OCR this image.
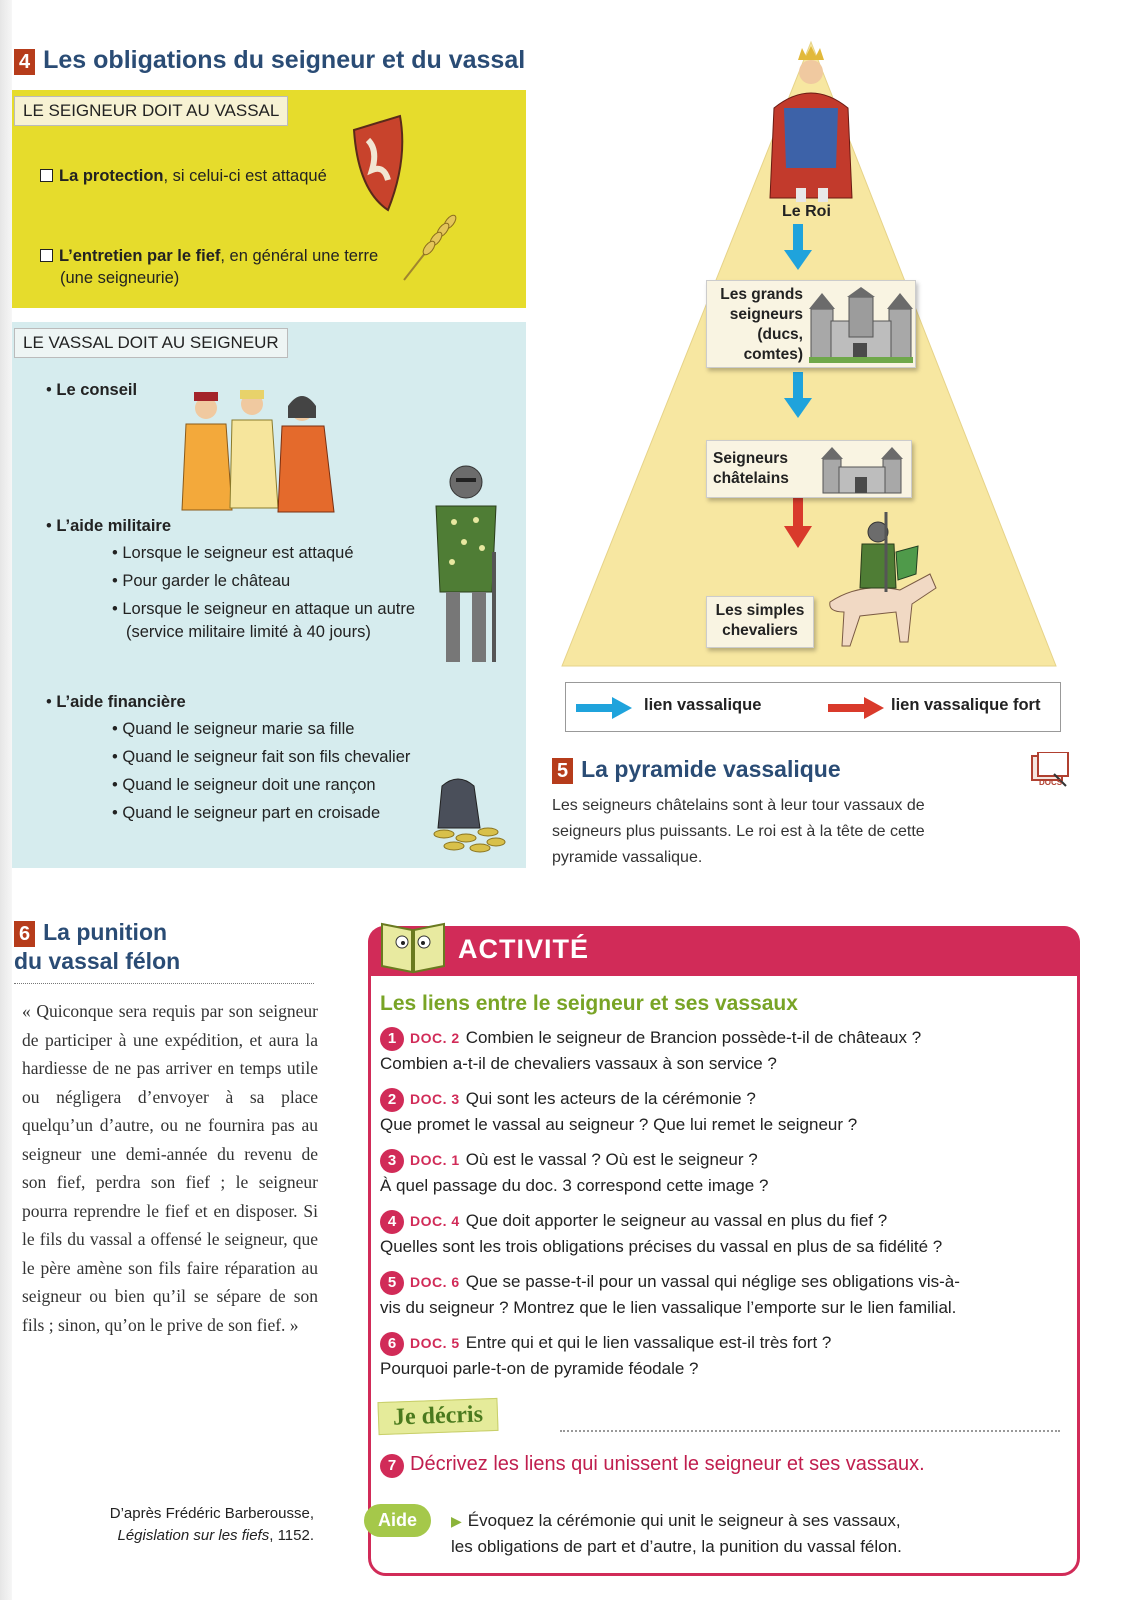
4 Les obligations du seigneur et du vassal
LE SEIGNEUR DOIT AU VASSAL
La protection, si celui-ci est attaqué
L’entretien par le fief, en général une terre
(une seigneurie)
LE VASSAL DOIT AU SEIGNEUR
• Le conseil
• L’aide militaire
• Lorsque le seigneur est attaqué
• Pour garder le château
• Lorsque le seigneur en attaque un autre
(service militaire limité à 40 jours)
• L’aide financière
• Quand le seigneur marie sa fille
• Quand le seigneur fait son fils chevalier
• Quand le seigneur doit une rançon
• Quand le seigneur part en croisade
Le Roi
Les grands
seigneurs
(ducs,
comtes)
Seigneurs
châtelains
Les simples
chevaliers
lien vassalique	lien vassalique fort
5 La pyramide vassalique
Les seigneurs châtelains sont à leur tour vassaux de seigneurs plus puissants. Le roi est à la tête de cette pyramide vassalique.
DOCS
6 La punition
du vassal félon
« Quiconque sera requis par son seigneur de participer à une expédition, et aura la hardiesse de ne pas arriver en temps utile ou négligera d’envoyer à sa place quelqu’un d’autre, ou ne fournira pas au seigneur une demi-année du revenu de son fief, perdra son fief ; le seigneur pourra reprendre le fief et en disposer. Si le fils du vassal a offensé le seigneur, que le père amène son fils faire réparation au seigneur ou bien qu’il se sépare de son fils ; sinon, qu’on le prive de son fief. »
D’après Frédéric Barberousse,
Législation sur les fiefs, 1152.
ACTIVITÉ
Les liens entre le seigneur et ses vassaux
1 DOC. 2 Combien le seigneur de Brancion possède-t-il de châteaux ?
Combien a-t-il de chevaliers vassaux à son service ?
2 DOC. 3 Qui sont les acteurs de la cérémonie ?
Que promet le vassal au seigneur ? Que lui remet le seigneur ?
3 DOC. 1 Où est le vassal ? Où est le seigneur ?
À quel passage du doc. 3 correspond cette image ?
4 DOC. 4 Que doit apporter le seigneur au vassal en plus du fief ?
Quelles sont les trois obligations précises du vassal en plus de sa fidélité ?
5 DOC. 6 Que se passe-t-il pour un vassal qui néglige ses obligations vis-à-
vis du seigneur ? Montrez que le lien vassalique l’emporte sur le lien familial.
6 DOC. 5 Entre qui et qui le lien vassalique est-il très fort ?
Pourquoi parle-t-on de pyramide féodale ?
Je décris
7 Décrivez les liens qui unissent le seigneur et ses vassaux.
Aide	▶ Évoquez la cérémonie qui unit le seigneur à ses vassaux,
les obligations de part et d’autre, la punition du vassal félon.
